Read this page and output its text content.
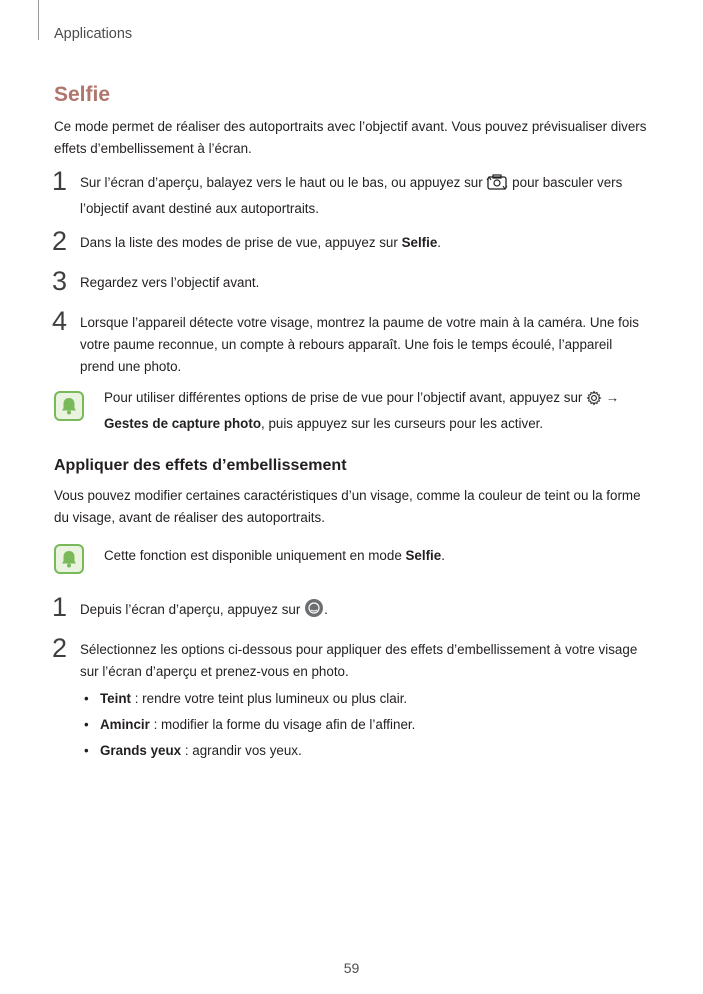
Applications
Selfie
Ce mode permet de réaliser des autoportraits avec l’objectif avant. Vous pouvez prévisualiser divers effets d’embellissement à l’écran.
1 Sur l’écran d’aperçu, balayez vers le haut ou le bas, ou appuyez sur pour basculer vers l’objectif avant destiné aux autoportraits.
2 Dans la liste des modes de prise de vue, appuyez sur Selfie.
3 Regardez vers l’objectif avant.
4 Lorsque l’appareil détecte votre visage, montrez la paume de votre main à la caméra. Une fois votre paume reconnue, un compte à rebours apparaît. Une fois le temps écoulé, l’appareil prend une photo.
Pour utiliser différentes options de prise de vue pour l’objectif avant, appuyez sur →
Gestes de capture photo, puis appuyez sur les curseurs pour les activer.
Appliquer des effets d’embellissement
Vous pouvez modifier certaines caractéristiques d’un visage, comme la couleur de teint ou la forme du visage, avant de réaliser des autoportraits.
Cette fonction est disponible uniquement en mode Selfie.
1 Depuis l’écran d’aperçu, appuyez sur .
2 Sélectionnez les options ci-dessous pour appliquer des effets d’embellissement à votre visage sur l’écran d’aperçu et prenez-vous en photo.
• Teint : rendre votre teint plus lumineux ou plus clair.
• Amincir : modifier la forme du visage afin de l’affiner.
• Grands yeux : agrandir vos yeux.
59
